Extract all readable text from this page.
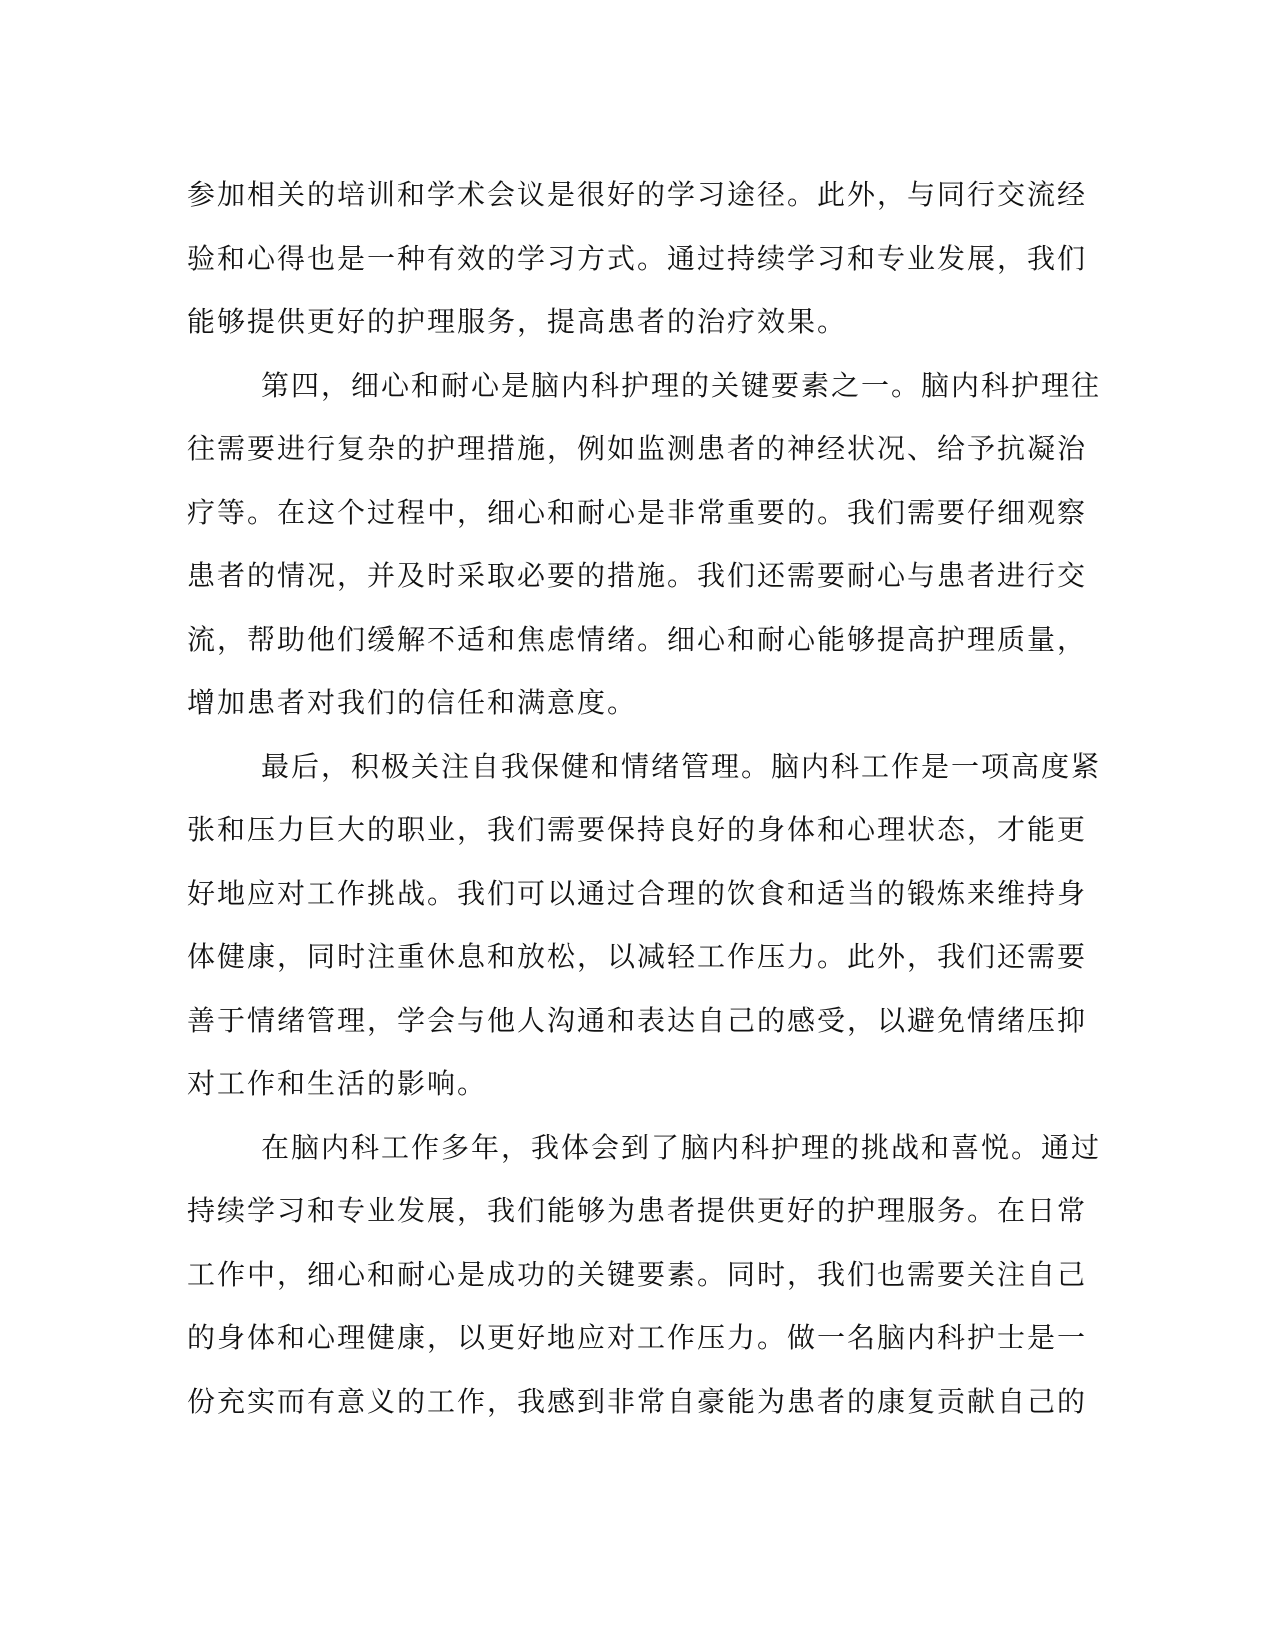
参加相关的培训和学术会议是很好的学习途径。此外，与同行交流经
验和心得也是一种有效的学习方式。通过持续学习和专业发展，我们
能够提供更好的护理服务，提高患者的治疗效果。
第四，细心和耐心是脑内科护理的关键要素之一。脑内科护理往
往需要进行复杂的护理措施，例如监测患者的神经状况、给予抗凝治
疗等。在这个过程中，细心和耐心是非常重要的。我们需要仔细观察
患者的情况，并及时采取必要的措施。我们还需要耐心与患者进行交
流，帮助他们缓解不适和焦虑情绪。细心和耐心能够提高护理质量，
增加患者对我们的信任和满意度。
最后，积极关注自我保健和情绪管理。脑内科工作是一项高度紧
张和压力巨大的职业，我们需要保持良好的身体和心理状态，才能更
好地应对工作挑战。我们可以通过合理的饮食和适当的锻炼来维持身
体健康，同时注重休息和放松，以减轻工作压力。此外，我们还需要
善于情绪管理，学会与他人沟通和表达自己的感受，以避免情绪压抑
对工作和生活的影响。
在脑内科工作多年，我体会到了脑内科护理的挑战和喜悦。通过
持续学习和专业发展，我们能够为患者提供更好的护理服务。在日常
工作中，细心和耐心是成功的关键要素。同时，我们也需要关注自己
的身体和心理健康，以更好地应对工作压力。做一名脑内科护士是一
份充实而有意义的工作，我感到非常自豪能为患者的康复贡献自己的
